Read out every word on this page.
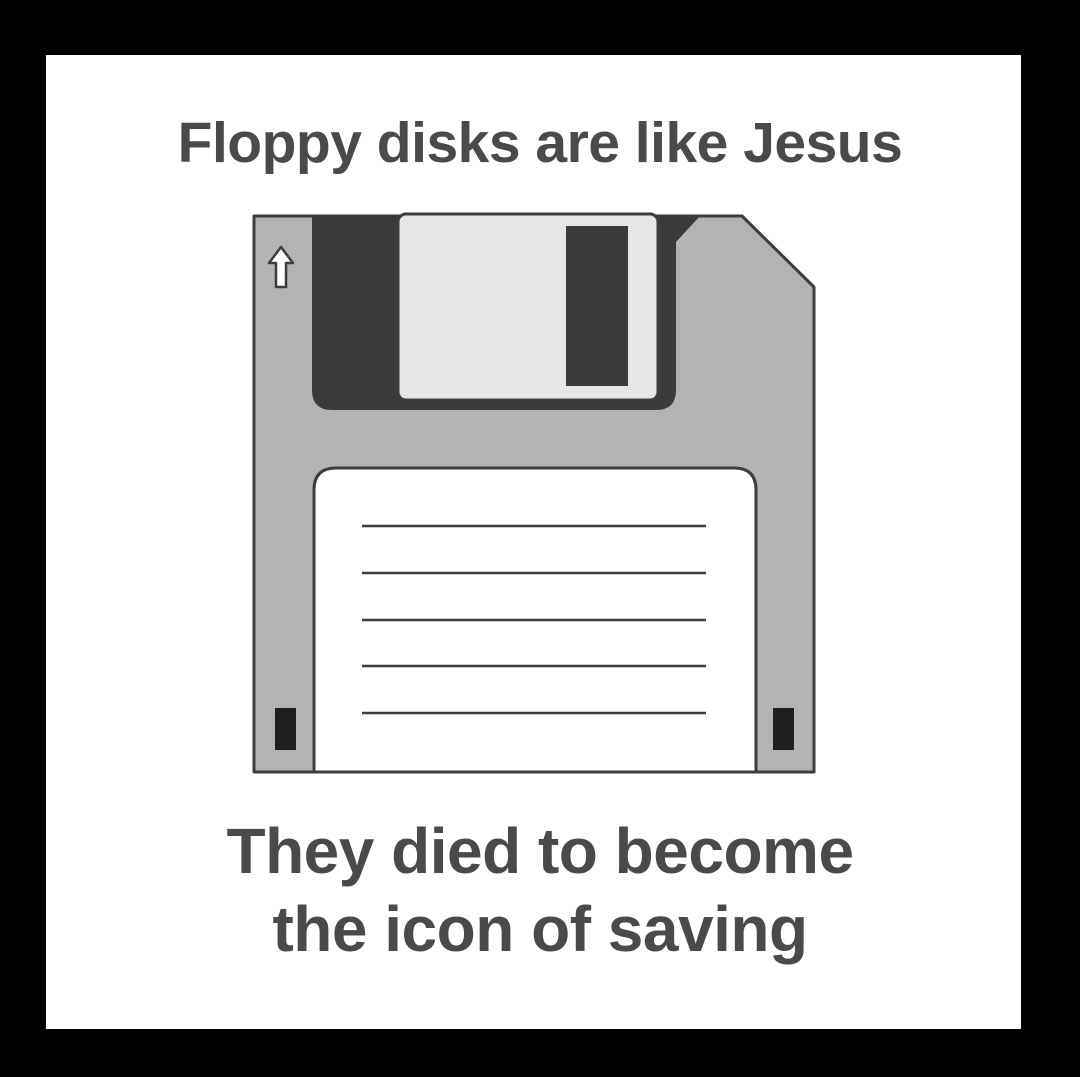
Floppy disks are like Jesus
They died to become
the icon of saving
